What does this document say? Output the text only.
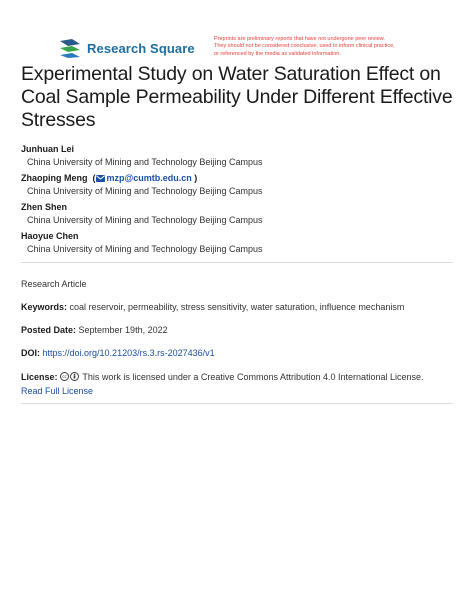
Research Square
Preprints are preliminary reports that have not undergone peer review.
They should not be considered conclusive, used to inform clinical practice,
or referenced by the media as validated information.
Experimental Study on Water Saturation Effect on Coal Sample Permeability Under Different Effective Stresses
Junhuan Lei
China University of Mining and Technology Beijing Campus
Zhaoping Meng  ( mzp@cumtb.edu.cn )
China University of Mining and Technology Beijing Campus
Zhen Shen
China University of Mining and Technology Beijing Campus
Haoyue Chen
China University of Mining and Technology Beijing Campus
Research Article
Keywords: coal reservoir, permeability, stress sensitivity, water saturation, influence mechanism
Posted Date: September 19th, 2022
DOI: https://doi.org/10.21203/rs.3.rs-2027436/v1
License: cc This work is licensed under a Creative Commons Attribution 4.0 International License.
Read Full License
